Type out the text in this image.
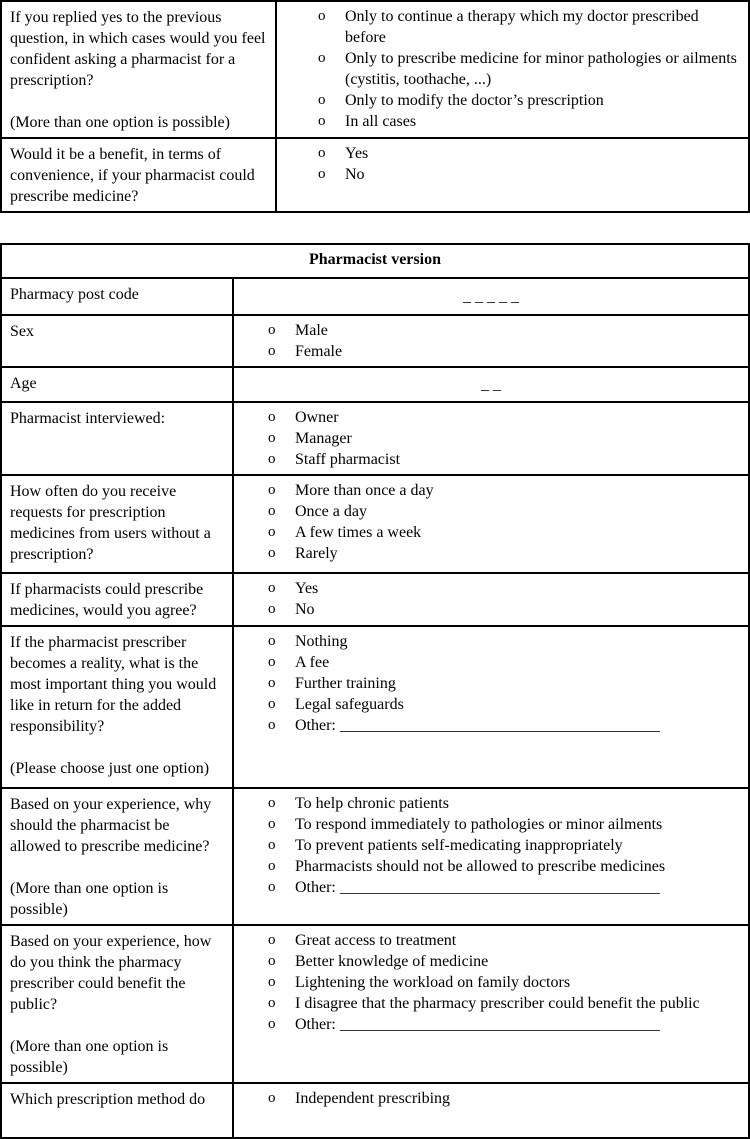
If you replied yes to the previous question, in which cases would you feel confident asking a pharmacist for a prescription?
(More than one option is possible)

o	Only to continue a therapy which my doctor prescribed before
o	Only to prescribe medicine for minor pathologies or ailments (cystitis, toothache, ...)
o	Only to modify the doctor’s prescription
o	In all cases

Would it be a benefit, in terms of convenience, if your pharmacist could prescribe medicine?	o Yes
o No
Pharmacist version	

Pharmacy post code	_ _ _ _ _

Sex	o Male
o Female

Age	_ _

Pharmacist interviewed:	o	Owner
o	Manager
o	Staff pharmacist

How often do you receive requests for prescription medicines from users without a prescription?

o	More than once a day
o	Once a day
o	A few times a week
o	Rarely

If pharmacists could prescribe medicines, would you agree?	o Yes
o No

If the pharmacist prescriber becomes a reality, what is the most important thing you would like in return for the added responsibility?
(Please choose just one option)

o	Nothing
o	A fee
o	Further training
o	Legal safeguards
o	Other: ________________________________________

Based on your experience, why should the pharmacist be allowed to prescribe medicine?
(More than one option is possible)

o	To help chronic patients
o	To respond immediately to pathologies or minor ailments
o	To prevent patients self-medicating inappropriately
o	Pharmacists should not be allowed to prescribe medicines
o	Other: ________________________________________

Based on your experience, how do you think the pharmacy prescriber could benefit the public?
(More than one option is possible)

o	Great access to treatment
o	Better knowledge of medicine
o	Lightening the workload on family doctors
o	I disagree that the pharmacy prescriber could benefit the public
o	Other: ________________________________________

Which prescription method do	o Independent prescribing
